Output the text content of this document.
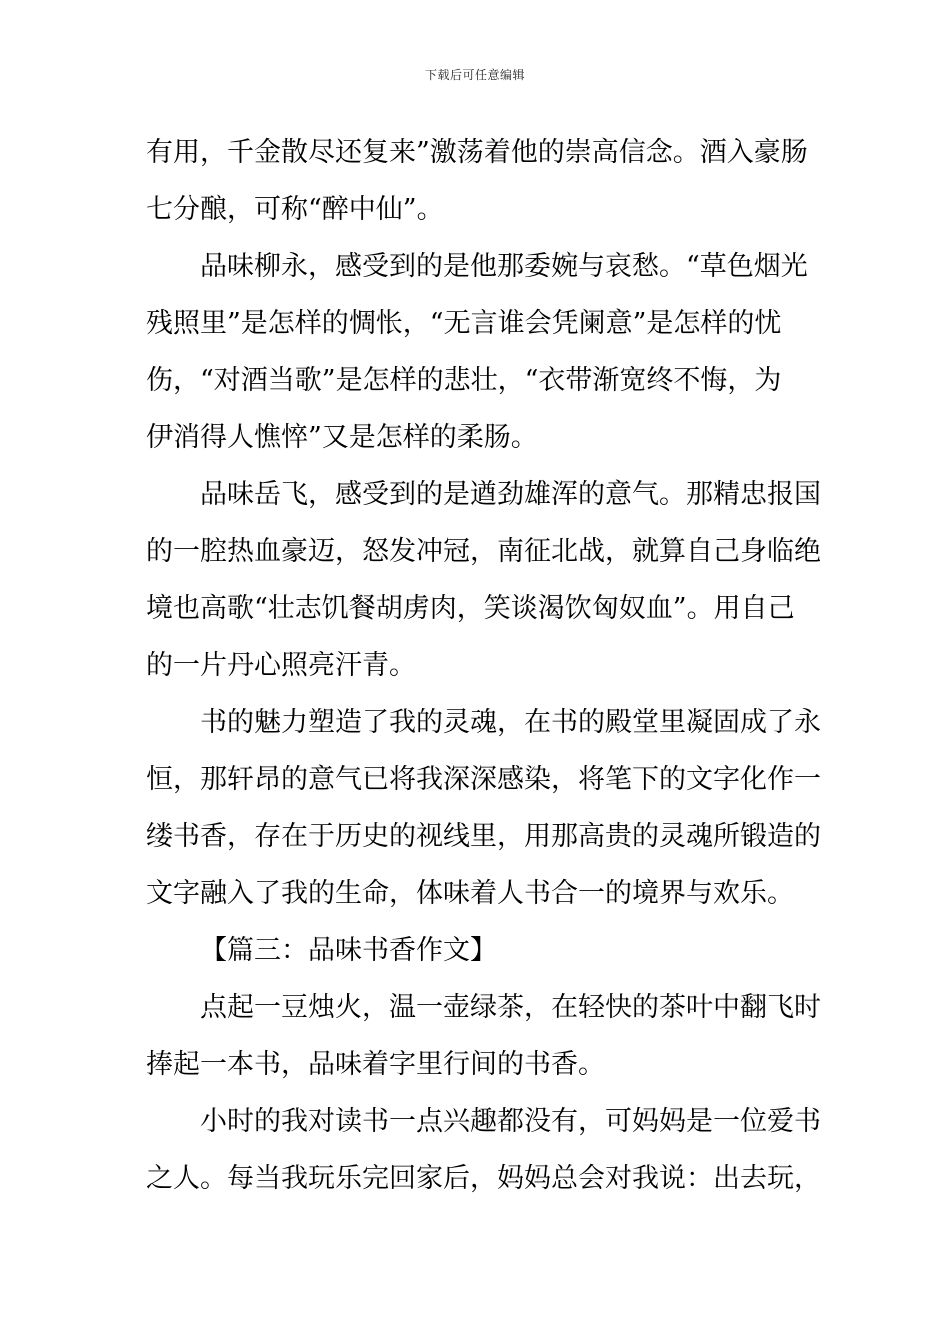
下载后可任意编辑

有用，千金散尽还复来”激荡着他的崇高信念。酒入豪肠
七分酿，可称“醉中仙”。

品味柳永，感受到的是他那委婉与哀愁。“草色烟光
残照里”是怎样的惆怅，“无言谁会凭阑意”是怎样的忧
伤，“对酒当歌”是怎样的悲壮，“衣带渐宽终不悔，为
伊消得人憔悴”又是怎样的柔肠。

品味岳飞，感受到的是遒劲雄浑的意气。那精忠报国
的一腔热血豪迈，怒发冲冠，南征北战，就算自己身临绝
境也高歌“壮志饥餐胡虏肉，笑谈渴饮匈奴血”。用自己
的一片丹心照亮汗青。

书的魅力塑造了我的灵魂，在书的殿堂里凝固成了永
恒，那轩昂的意气已将我深深感染，将笔下的文字化作一
缕书香，存在于历史的视线里，用那高贵的灵魂所锻造的
文字融入了我的生命，体味着人书合一的境界与欢乐。

【篇三：品味书香作文】

点起一豆烛火，温一壶绿茶，在轻快的茶叶中翻飞时
捧起一本书，品味着字里行间的书香。

小时的我对读书一点兴趣都没有，可妈妈是一位爱书
之人。每当我玩乐完回家后，妈妈总会对我说：出去玩，
